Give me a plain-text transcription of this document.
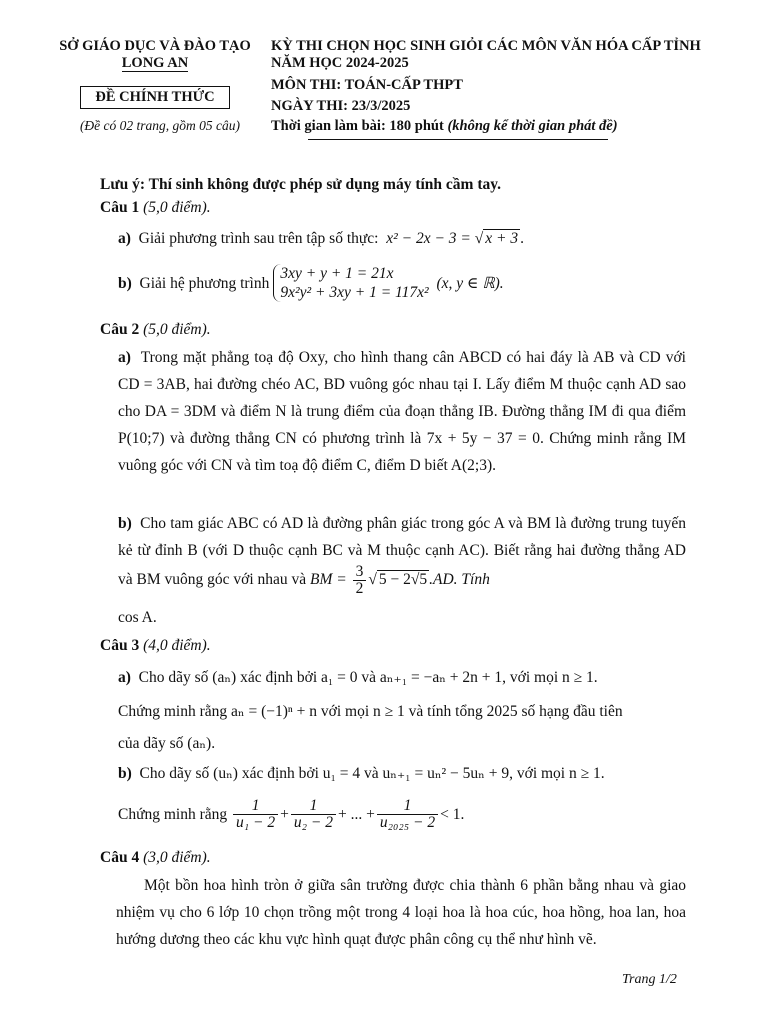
SỞ GIÁO DỤC VÀ ĐÀO TẠO
LONG AN
ĐỀ CHÍNH THỨC
(Đề có 02 trang, gồm 05 câu)
KỲ THI CHỌN HỌC SINH GIỎI CÁC MÔN VĂN HÓA CẤP TỈNH
NĂM HỌC 2024-2025
MÔN THI: TOÁN-CẤP THPT
NGÀY THI: 23/3/2025
Thời gian làm bài: 180 phút (không kể thời gian phát đề)
Lưu ý: Thí sinh không được phép sử dụng máy tính cầm tay.
Câu 1 (5,0 điểm).
a) Giải phương trình sau trên tập số thực: x² − 2x − 3 = √ x + 3 .
b)
Giải hệ phương trình
3xy + y + 1 = 21x
9x²y² + 3xy + 1 = 117x²

(x, y ∈ ℝ).
Câu 2 (5,0 điểm).
a) Trong mặt phẳng toạ độ Oxy, cho hình thang cân ABCD có hai đáy là AB và CD với CD = 3AB, hai đường chéo AC, BD vuông góc nhau tại I. Lấy điểm M thuộc cạnh AD sao cho DA = 3DM và điểm N là trung điểm của đoạn thẳng IB. Đường thẳng IM đi qua điểm P(10;7) và đường thẳng CN có phương trình là 7x + 5y − 37 = 0. Chứng minh rằng IM vuông góc với CN và tìm toạ độ điểm C, điểm D biết A(2;3).
b) Cho tam giác ABC có AD là đường phân giác trong góc A và BM là đường trung tuyến kẻ từ đỉnh B (với D thuộc cạnh BC và M thuộc cạnh AC). Biết rằng hai đường thẳng AD và BM vuông góc với nhau và BM = $\frac{3}{2}$ √ 5 − 2√5 .AD. Tính
cos A.
Câu 3 (4,0 điểm).
a) Cho dãy số (aₙ) xác định bởi a₁ = 0 và aₙ₊₁ = −aₙ + 2n + 1, với mọi n ≥ 1.
Chứng minh rằng aₙ = (−1)ⁿ + n với mọi n ≥ 1 và tính tổng 2025 số hạng đầu tiên
của dãy số (aₙ).
b) Cho dãy số (uₙ) xác định bởi u₁ = 4 và uₙ₊₁ = uₙ² − 5uₙ + 9, với mọi n ≥ 1.
Chứng minh rằng
$\frac{1}{\text{u₁ − 2}} + \frac{1}{\text{u₂ − 2}}$ + ... + $\frac{1}{\text{u₂₀₂₅ − 2}} < 1$.
Câu 4 (3,0 điểm).
Một bồn hoa hình tròn ở giữa sân trường được chia thành 6 phần bằng nhau và giao nhiệm vụ cho 6 lớp 10 chọn trồng một trong 4 loại hoa là hoa cúc, hoa hồng, hoa lan, hoa hướng dương theo các khu vực hình quạt được phân công cụ thể như hình vẽ.
Trang 1/2
